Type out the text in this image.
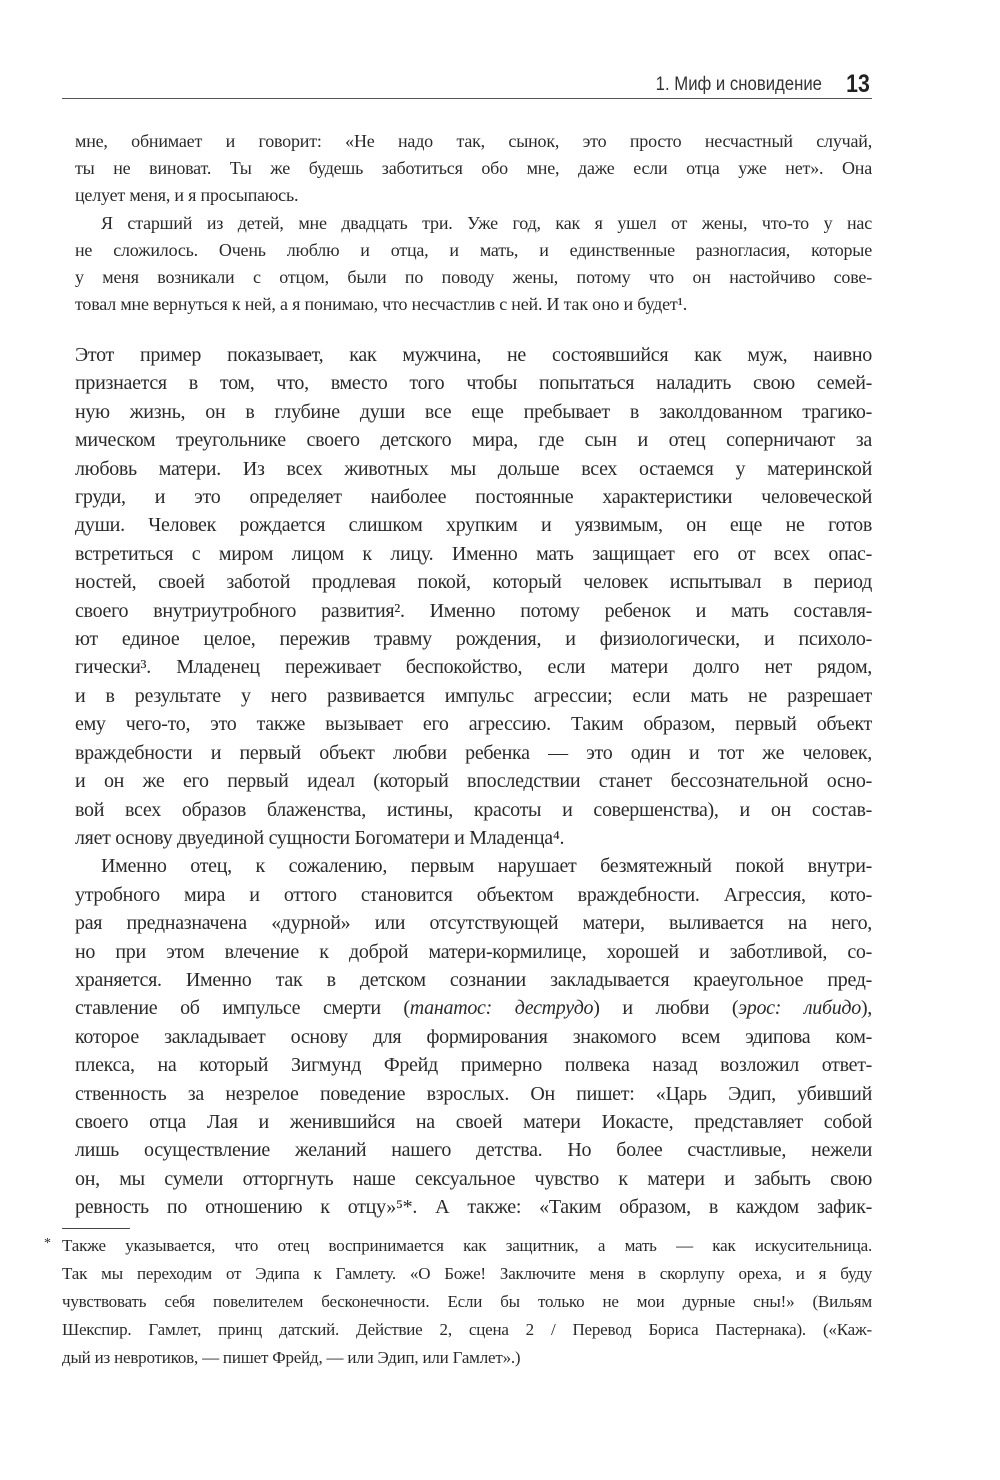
1. Миф и сновидение 13
мне, обнимает и говорит: «Не надо так, сынок, это просто несчастный случай,
ты не виноват. Ты же будешь заботиться обо мне, даже если отца уже нет». Она
целует меня, и я просыпаюсь.
Я старший из детей, мне двадцать три. Уже год, как я ушел от жены, что-то у нас
не сложилось. Очень люблю и отца, и мать, и единственные разногласия, которые
у меня возникали с отцом, были по поводу жены, потому что он настойчиво сове-
товал мне вернуться к ней, а я понимаю, что несчастлив с ней. И так оно и будет¹.
Этот пример показывает, как мужчина, не состоявшийся как муж, наивно
признается в том, что, вместо того чтобы попытаться наладить свою семей-
ную жизнь, он в глубине души все еще пребывает в заколдованном трагико-
мическом треугольнике своего детского мира, где сын и отец соперничают за
любовь матери. Из всех животных мы дольше всех остаемся у материнской
груди, и это определяет наиболее постоянные характеристики человеческой
души. Человек рождается слишком хрупким и уязвимым, он еще не готов
встретиться с миром лицом к лицу. Именно мать защищает его от всех опас-
ностей, своей заботой продлевая покой, который человек испытывал в период
своего внутриутробного развития². Именно потому ребенок и мать составля-
ют единое целое, пережив травму рождения, и физиологически, и психоло-
гически³. Младенец переживает беспокойство, если матери долго нет рядом,
и в результате у него развивается импульс агрессии; если мать не разрешает
ему чего-то, это также вызывает его агрессию. Таким образом, первый объект
враждебности и первый объект любви ребенка — это один и тот же человек,
и он же его первый идеал (который впоследствии станет бессознательной осно-
вой всех образов блаженства, истины, красоты и совершенства), и он состав-
ляет основу двуединой сущности Богоматери и Младенца⁴.
Именно отец, к сожалению, первым нарушает безмятежный покой внутри-
утробного мира и оттого становится объектом враждебности. Агрессия, кото-
рая предназначена «дурной» или отсутствующей матери, выливается на него,
но при этом влечение к доброй матери-кормилице, хорошей и заботливой, со-
храняется. Именно так в детском сознании закладывается краеугольное пред-
ставление об импульсе смерти (танатос: деструдо) и любви (эрос: либидо),
которое закладывает основу для формирования знакомого всем эдипова ком-
плекса, на который Зигмунд Фрейд примерно полвека назад возложил ответ-
ственность за незрелое поведение взрослых. Он пишет: «Царь Эдип, убивший
своего отца Лая и женившийся на своей матери Иокасте, представляет собой
лишь осуществление желаний нашего детства. Но более счастливые, нежели
он, мы сумели отторгнуть наше сексуальное чувство к матери и забыть свою
ревность по отношению к отцу»⁵*. А также: «Таким образом, в каждом зафик-
* Также указывается, что отец воспринимается как защитник, а мать — как искусительница.
Так мы переходим от Эдипа к Гамлету. «О Боже! Заключите меня в скорлупу ореха, и я буду
чувствовать себя повелителем бесконечности. Если бы только не мои дурные сны!» (Вильям
Шекспир. Гамлет, принц датский. Действие 2, сцена 2 / Перевод Бориса Пастернака). («Каж-
дый из невротиков, — пишет Фрейд, — или Эдип, или Гамлет».)
